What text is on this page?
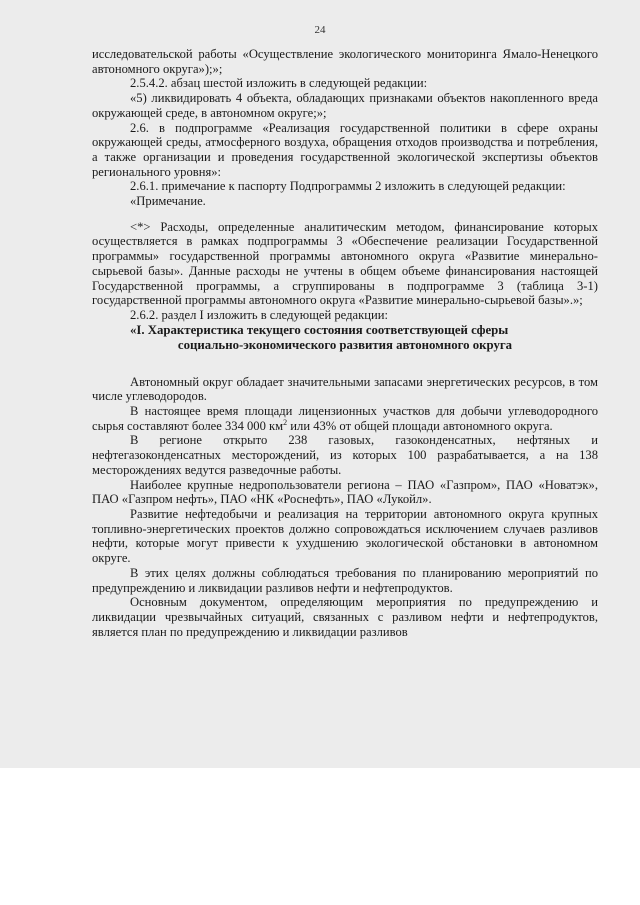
24

исследовательской работы «Осуществление экологического мониторинга Ямало-Ненецкого автономного округа»);»;

2.5.4.2. абзац шестой изложить в следующей редакции:

«5) ликвидировать 4 объекта, обладающих признаками объектов накопленного вреда окружающей среде, в автономном округе;»;

2.6. в подпрограмме «Реализация государственной политики в сфере охраны окружающей среды, атмосферного воздуха, обращения отходов производства и потребления, а также организации и проведения государственной экологической экспертизы объектов регионального уровня»:

2.6.1. примечание к паспорту Подпрограммы 2 изложить в следующей редакции:

«Примечание.

<*> Расходы, определенные аналитическим методом, финансирование которых осуществляется в рамках подпрограммы 3 «Обеспечение реализации Государственной программы» государственной программы автономного округа «Развитие минерально-сырьевой базы». Данные расходы не учтены в общем объеме финансирования настоящей Государственной программы, а сгруппированы в подпрограмме 3 (таблица 3-1) государственной программы автономного округа «Развитие минерально-сырьевой базы».»;

2.6.2. раздел I изложить в следующей редакции:

«I. Характеристика текущего состояния соответствующей сферы
социально-экономического развития автономного округа

Автономный округ обладает значительными запасами энергетических ресурсов, в том числе углеводородов.

В настоящее время площади лицензионных участков для добычи углеводородного сырья составляют более 334 000 $км^2$ или 43% от общей площади автономного округа.

В регионе открыто 238 газовых, газоконденсатных, нефтяных и нефтегазоконденсатных месторождений, из которых 100 разрабатывается, а на 138 месторождениях ведутся разведочные работы.

Наиболее крупные недропользователи региона – ПАО «Газпром», ПАО «Новатэк», ПАО «Газпром нефть», ПАО «НК «Роснефть», ПАО «Лукойл».

Развитие нефтедобычи и реализация на территории автономного округа крупных топливно-энергетических проектов должно сопровождаться исключением случаев разливов нефти, которые могут привести к ухудшению экологической обстановки в автономном округе.

В этих целях должны соблюдаться требования по планированию мероприятий по предупреждению и ликвидации разливов нефти и нефтепродуктов.

Основным документом, определяющим мероприятия по предупреждению и ликвидации чрезвычайных ситуаций, связанных с разливом нефти и нефтепродуктов, является план по предупреждению и ликвидации разливов
